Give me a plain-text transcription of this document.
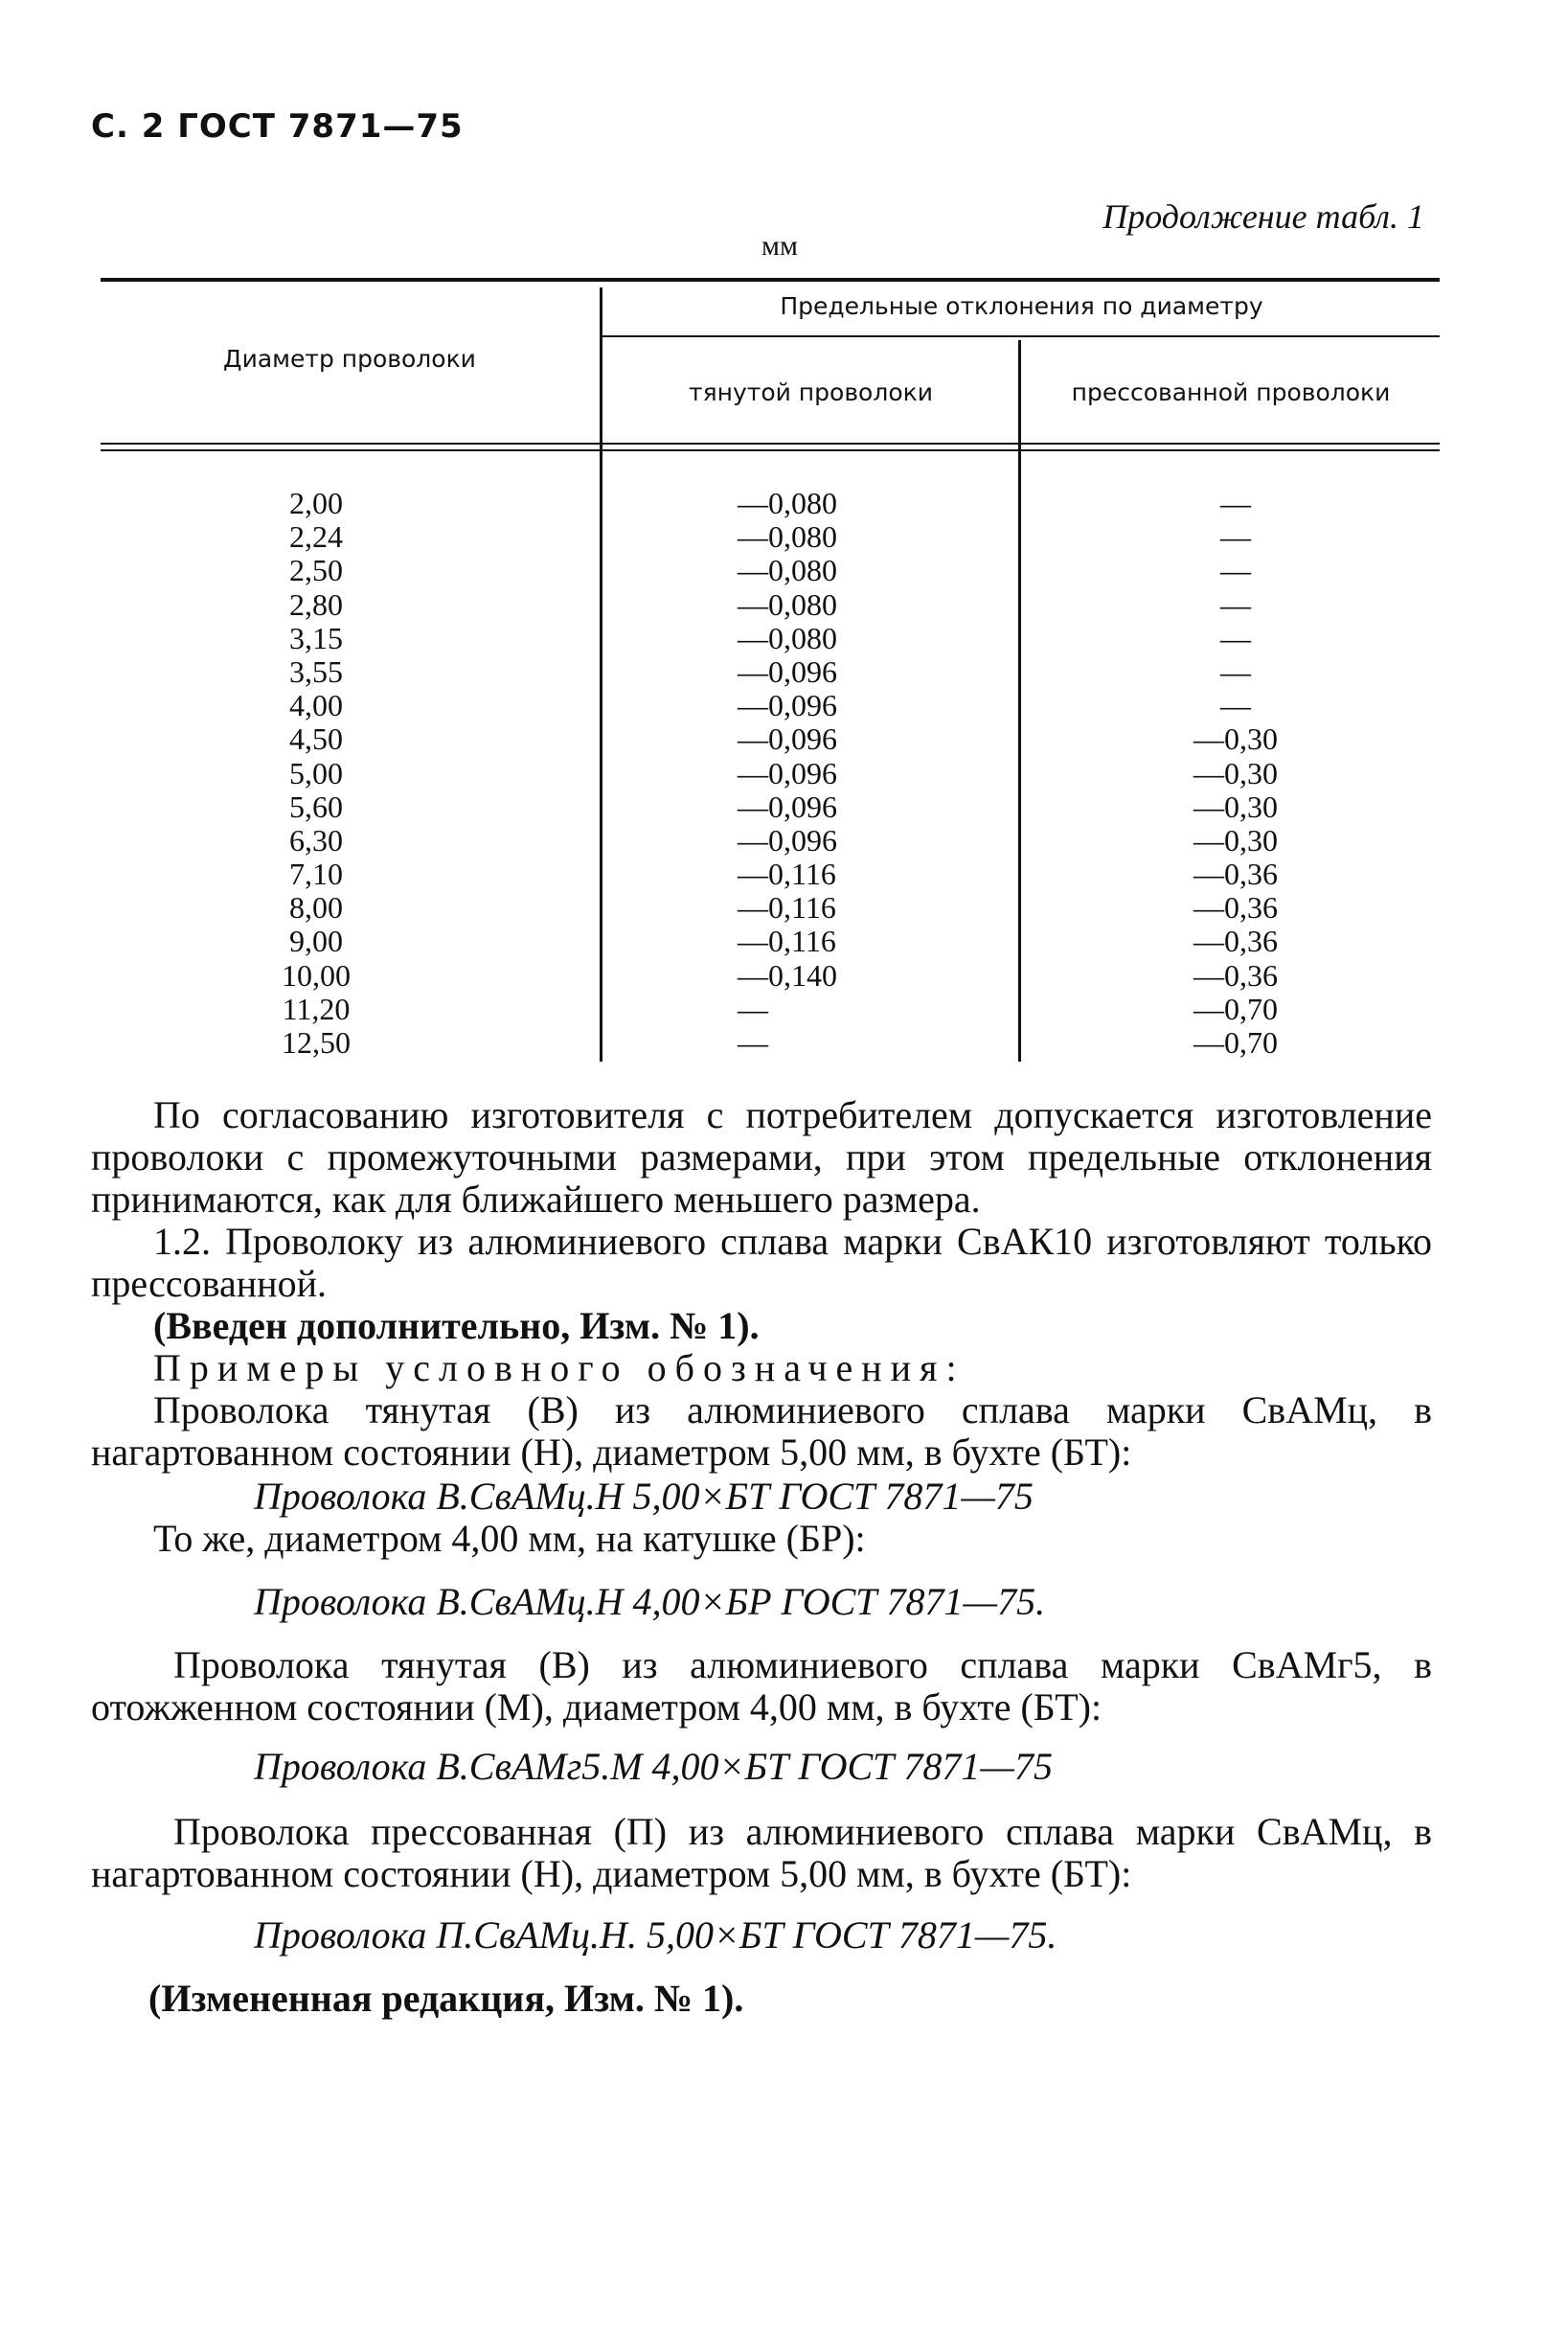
С. 2 ГОСТ 7871—75
Продолжение табл. 1
мм
Диаметр проволоки
Предельные отклонения по диаметру
тянутой проволоки	прессованной проволоки
2,00
2,24
2,50
2,80
3,15
3,55
4,00
4,50
5,00
5,60
6,30
7,10
8,00
9,00
10,00
11,20
12,50
—0,080
—0,080
—0,080
—0,080
—0,080
—0,096
—0,096
—0,096
—0,096
—0,096
—0,096
—0,116
—0,116
—0,116
—0,140
—
—
—
—
—
—
—
—
—
—0,30
—0,30
—0,30
—0,30
—0,36
—0,36
—0,36
—0,36
—0,70
—0,70

По согласованию изготовителя с потребителем допускается изготовление проволоки с промежуточными размерами, при этом предельные отклонения принимаются, как для ближайшего меньшего размера.

1.2. Проволоку из алюминиевого сплава марки СвАК10 изготовляют только прессованной.

(Введен дополнительно, Изм. № 1).

Примеры условного обозначения:

Проволока тянутая (В) из алюминиевого сплава марки СвАМц, в нагартованном состоянии (Н), диаметром 5,00 мм, в бухте (БТ):

Проволока В.СвАМц.Н 5,00×БТ ГОСТ 7871—75

То же, диаметром 4,00 мм, на катушке (БР):

Проволока В.СвАМц.Н 4,00×БР ГОСТ 7871—75.

Проволока тянутая (В) из алюминиевого сплава марки СвАМг5, в отожженном состоянии (М), диаметром 4,00 мм, в бухте (БТ):

Проволока В.СвАМг5.М 4,00×БТ ГОСТ 7871—75

Проволока прессованная (П) из алюминиевого сплава марки СвАМц, в нагартованном состоянии (Н), диаметром 5,00 мм, в бухте (БТ):

Проволока П.СвАМц.Н. 5,00×БТ ГОСТ 7871—75.

(Измененная редакция, Изм. № 1).
